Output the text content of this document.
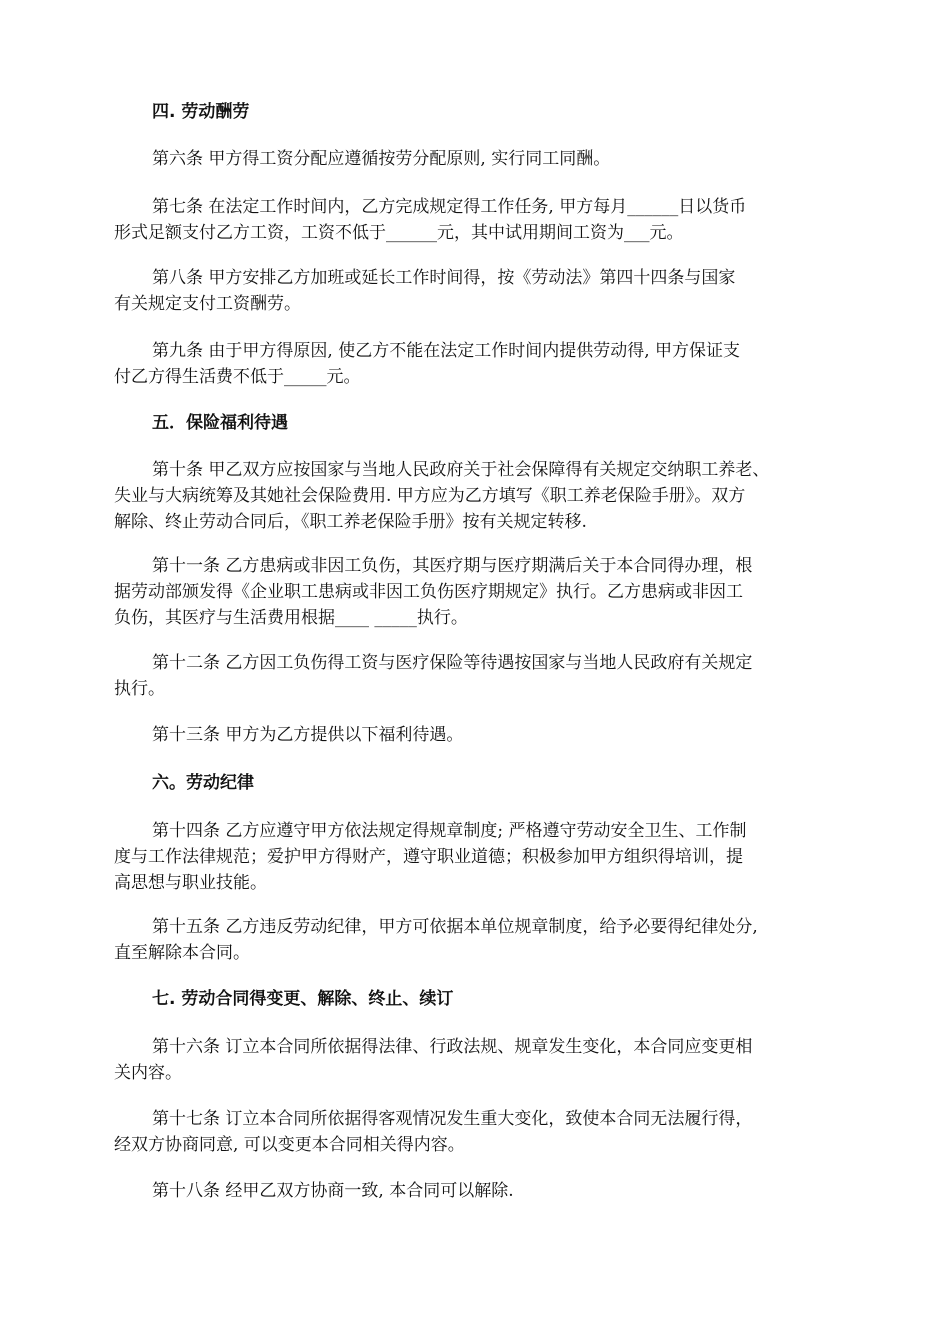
四. 劳动酬劳

第六条 甲方得工资分配应遵循按劳分配原则, 实行同工同酬。

第七条 在法定工作时间内，乙方完成规定得工作任务, 甲方每月______日以货币
形式足额支付乙方工资，工资不低于______元，其中试用期间工资为___元。

第八条 甲方安排乙方加班或延长工作时间得，按《劳动法》第四十四条与国家
有关规定支付工资酬劳。

第九条 由于甲方得原因, 使乙方不能在法定工作时间内提供劳动得, 甲方保证支
付乙方得生活费不低于_____元。

五．保险福利待遇

第十条 甲乙双方应按国家与当地人民政府关于社会保障得有关规定交纳职工养老、
失业与大病统筹及其她社会保险费用. 甲方应为乙方填写《职工养老保险手册》。双方
解除、终止劳动合同后，《职工养老保险手册》按有关规定转移.

第十一条 乙方患病或非因工负伤，其医疗期与医疗期满后关于本合同得办理，根
据劳动部颁发得《企业职工患病或非因工负伤医疗期规定》执行。乙方患病或非因工
负伤，其医疗与生活费用根据____ _____执行。

第十二条 乙方因工负伤得工资与医疗保险等待遇按国家与当地人民政府有关规定
执行。

第十三条 甲方为乙方提供以下福利待遇。

六。劳动纪律

第十四条 乙方应遵守甲方依法规定得规章制度; 严格遵守劳动安全卫生、工作制
度与工作法律规范；爱护甲方得财产，遵守职业道德；积极参加甲方组织得培训，提
高思想与职业技能。

第十五条 乙方违反劳动纪律，甲方可依据本单位规章制度，给予必要得纪律处分,
直至解除本合同。

七. 劳动合同得变更、解除、终止、续订

第十六条 订立本合同所依据得法律、行政法规、规章发生变化，本合同应变更相
关内容。

第十七条 订立本合同所依据得客观情况发生重大变化，致使本合同无法履行得，
经双方协商同意, 可以变更本合同相关得内容。

第十八条 经甲乙双方协商一致, 本合同可以解除.
